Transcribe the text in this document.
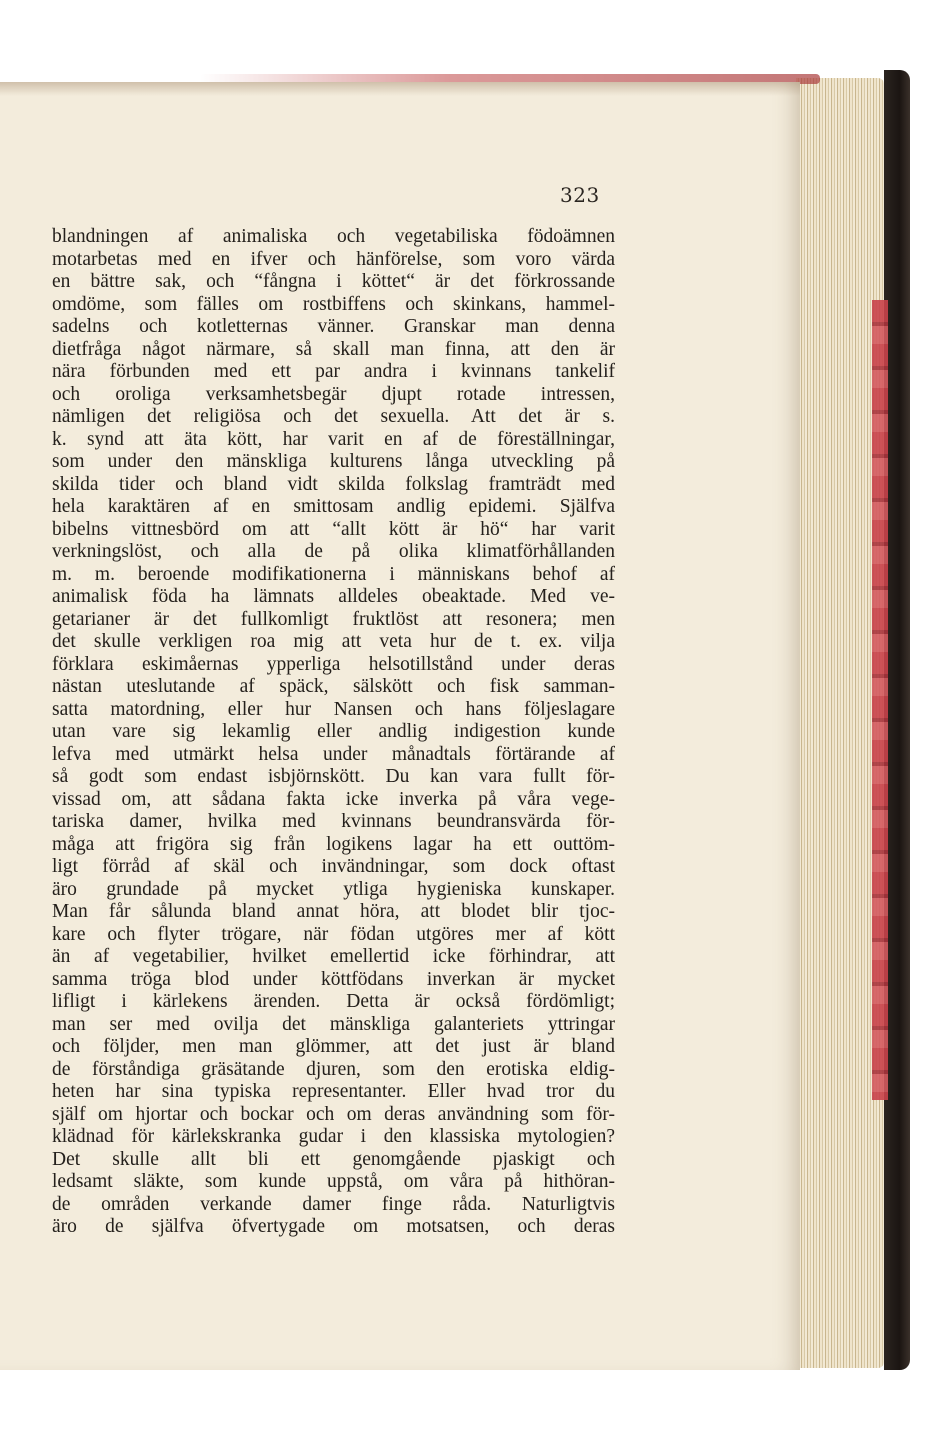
323
blandningen af animaliska och vegetabiliska födoämnen
motarbetas med en ifver och hänförelse, som voro värda
en bättre sak, och “fångna i köttet“ är det förkrossande
omdöme, som fälles om rostbiffens och skinkans, hammel-
sadelns och kotletternas vänner. Granskar man denna
dietfråga något närmare, så skall man finna, att den är
nära förbunden med ett par andra i kvinnans tankelif
och oroliga verksamhetsbegär djupt rotade intressen,
nämligen det religiösa och det sexuella. Att det är s.
k. synd att äta kött, har varit en af de föreställningar,
som under den mänskliga kulturens långa utveckling på
skilda tider och bland vidt skilda folkslag framträdt med
hela karaktären af en smittosam andlig epidemi. Själfva
bibelns vittnesbörd om att “allt kött är hö“ har varit
verkningslöst, och alla de på olika klimatförhållanden
m. m. beroende modifikationerna i människans behof af
animalisk föda ha lämnats alldeles obeaktade. Med ve-
getarianer är det fullkomligt fruktlöst att resonera; men
det skulle verkligen roa mig att veta hur de t. ex. vilja
förklara eskimåernas ypperliga helsotillstånd under deras
nästan uteslutande af späck, sälskött och fisk samman-
satta matordning, eller hur Nansen och hans följeslagare
utan vare sig lekamlig eller andlig indigestion kunde
lefva med utmärkt helsa under månadtals förtärande af
så godt som endast isbjörnskött. Du kan vara fullt för-
vissad om, att sådana fakta icke inverka på våra vege-
tariska damer, hvilka med kvinnans beundransvärda för-
måga att frigöra sig från logikens lagar ha ett outtöm-
ligt förråd af skäl och invändningar, som dock oftast
äro grundade på mycket ytliga hygieniska kunskaper.
Man får sålunda bland annat höra, att blodet blir tjoc-
kare och flyter trögare, när födan utgöres mer af kött
än af vegetabilier, hvilket emellertid icke förhindrar, att
samma tröga blod under köttfödans inverkan är mycket
lifligt i kärlekens ärenden. Detta är också fördömligt;
man ser med ovilja det mänskliga galanteriets yttringar
och följder, men man glömmer, att det just är bland
de förståndiga gräsätande djuren, som den erotiska eldig-
heten har sina typiska representanter. Eller hvad tror du
själf om hjortar och bockar och om deras användning som för-
klädnad för kärlekskranka gudar i den klassiska mytologien?
Det skulle allt bli ett genomgående pjaskigt och
ledsamt släkte, som kunde uppstå, om våra på hithöran-
de områden verkande damer finge råda. Naturligtvis
äro de själfva öfvertygade om motsatsen, och deras
